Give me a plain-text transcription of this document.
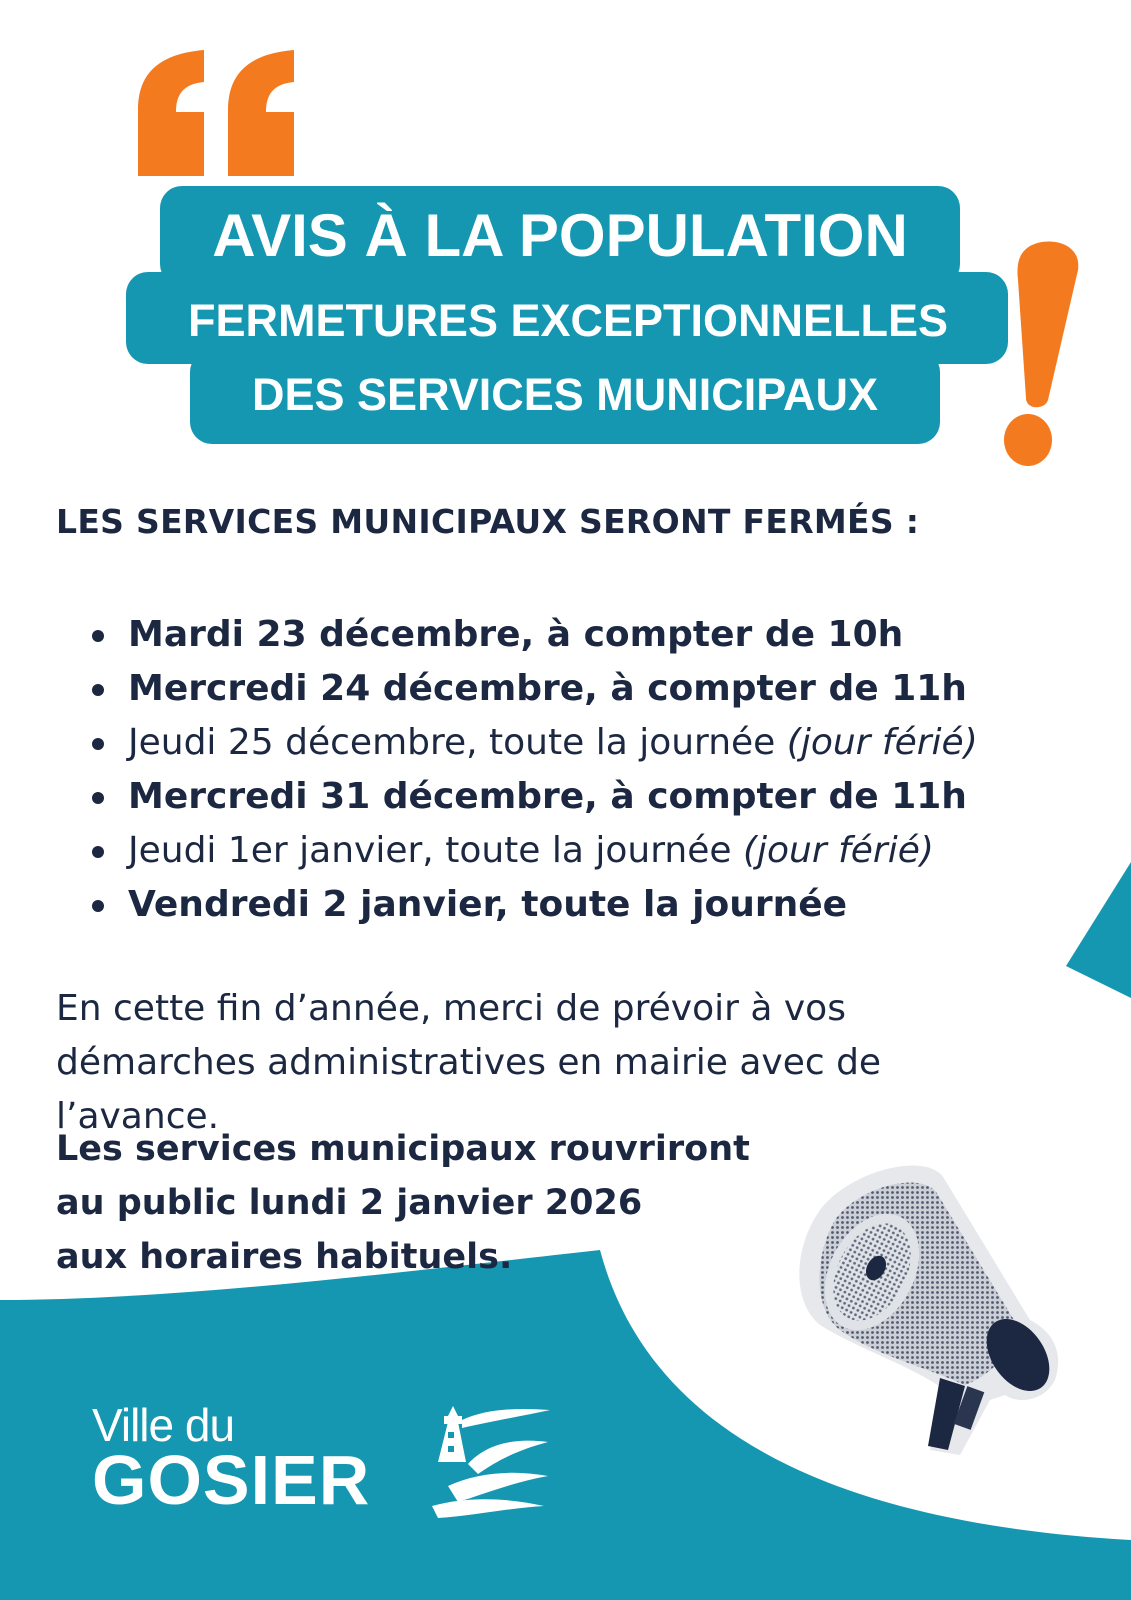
AVIS À LA POPULATION
FERMETURES EXCEPTIONNELLES
DES SERVICES MUNICIPAUX

LES SERVICES MUNICIPAUX SERONT FERMÉS :

Mardi 23 décembre, à compter de 10h
Mercredi 24 décembre, à compter de 11h
Jeudi 25 décembre, toute la journée (jour férié)
Mercredi 31 décembre, à compter de 11h
Jeudi 1er janvier, toute la journée (jour férié)
Vendredi 2 janvier, toute la journée

En cette fin d’année, merci de prévoir à vos
démarches administratives en mairie avec de
l’avance.

Les services municipaux rouvriront
au public lundi 2 janvier 2026
aux horaires habituels.

Ville du
GOSIER
